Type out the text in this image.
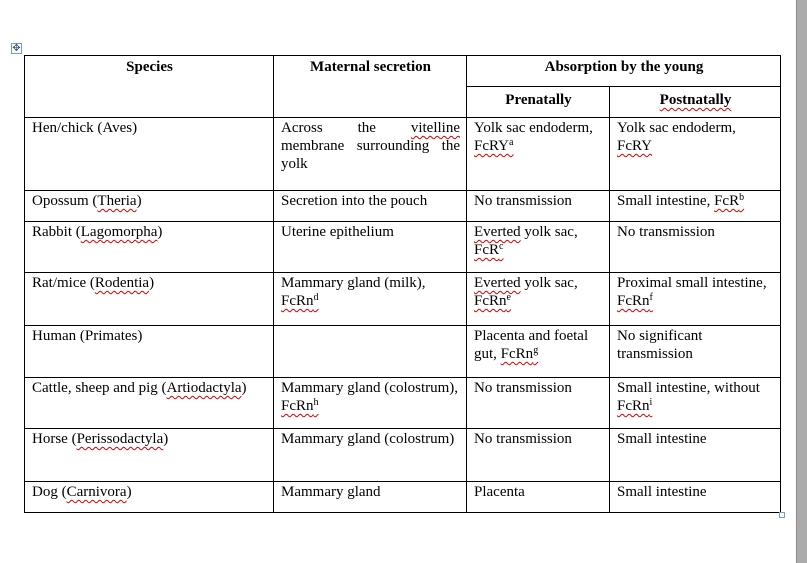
✥
Species	Maternal secretion	Absorption by the young	
		Prenatally	Postnatally
Hen/chick (Aves)	Across the vitelline membrane surrounding the yolk	Yolk sac endoderm, FcRY$^a$	Yolk sac endoderm, FcRY
Opossum (Theria)	Secretion into the pouch	No transmission	Small intestine, FcR$^b$
Rabbit (Lagomorpha)	Uterine epithelium	Everted yolk sac, FcR$^c$	No transmission
Rat/mice (Rodentia)	Mammary gland (milk), FcRn$^d$	Everted yolk sac, FcRn$^e$	Proximal small intestine, FcRn$^f$
Human (Primates)		Placenta and foetal gut, FcRn$^g$	No significant transmission
Cattle, sheep and pig (Artiodactyla)	Mammary gland (colostrum), FcRn$^h$	No transmission	Small intestine, without FcRn$^i$
Horse (Perissodactyla)	Mammary gland (colostrum)	No transmission	Small intestine
Dog (Carnivora)	Mammary gland	Placenta	Small intestine
